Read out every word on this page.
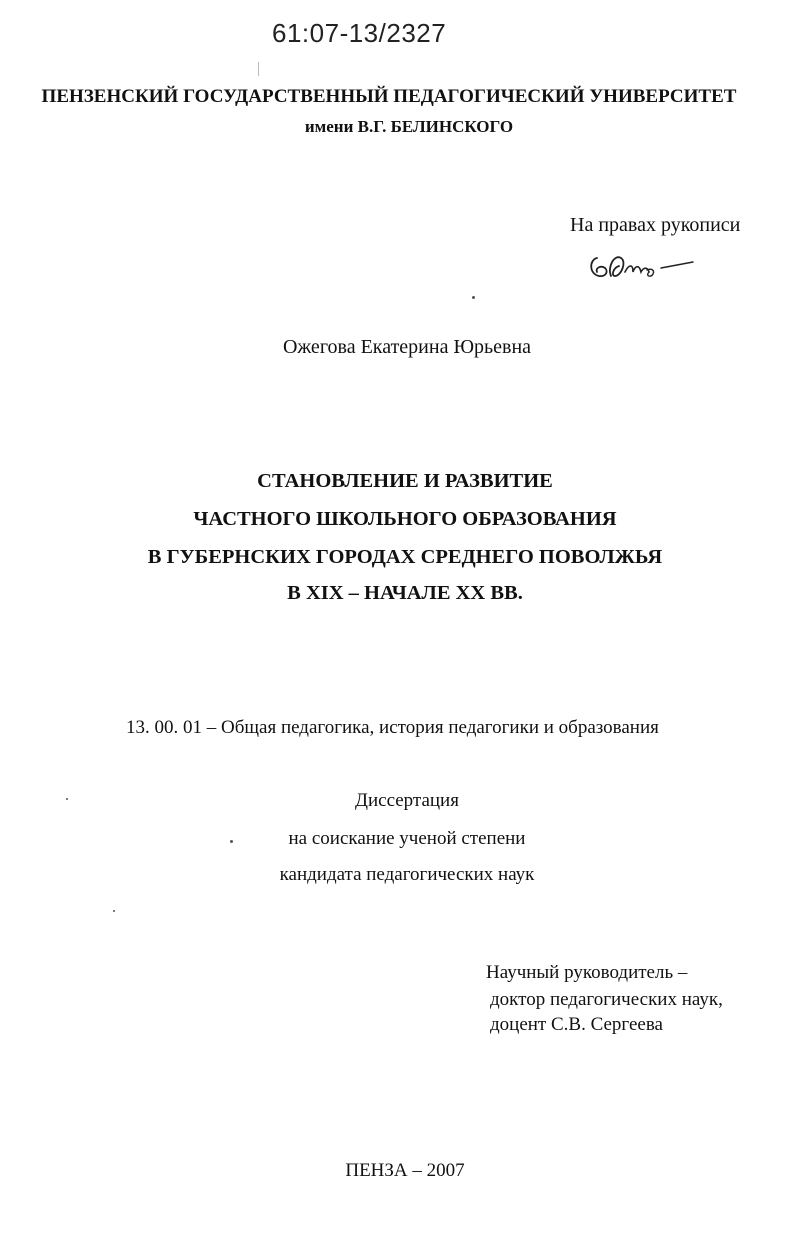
61:07-13/2327
ПЕНЗЕНСКИЙ ГОСУДАРСТВЕННЫЙ ПЕДАГОГИЧЕСКИЙ УНИВЕРСИТЕТ
имени В.Г. БЕЛИНСКОГО
На правах рукописи
Ожегова Екатерина Юрьевна
СТАНОВЛЕНИЕ И РАЗВИТИЕ
ЧАСТНОГО ШКОЛЬНОГО ОБРАЗОВАНИЯ
В ГУБЕРНСКИХ ГОРОДАХ СРЕДНЕГО ПОВОЛЖЬЯ
В XIX – НАЧАЛЕ XX ВВ.
13. 00. 01 – Общая педагогика, история педагогики и образования
Диссертация
на соискание ученой степени
кандидата педагогических наук
Научный руководитель –
доктор педагогических наук,
доцент С.В. Сергеева
ПЕНЗА – 2007
